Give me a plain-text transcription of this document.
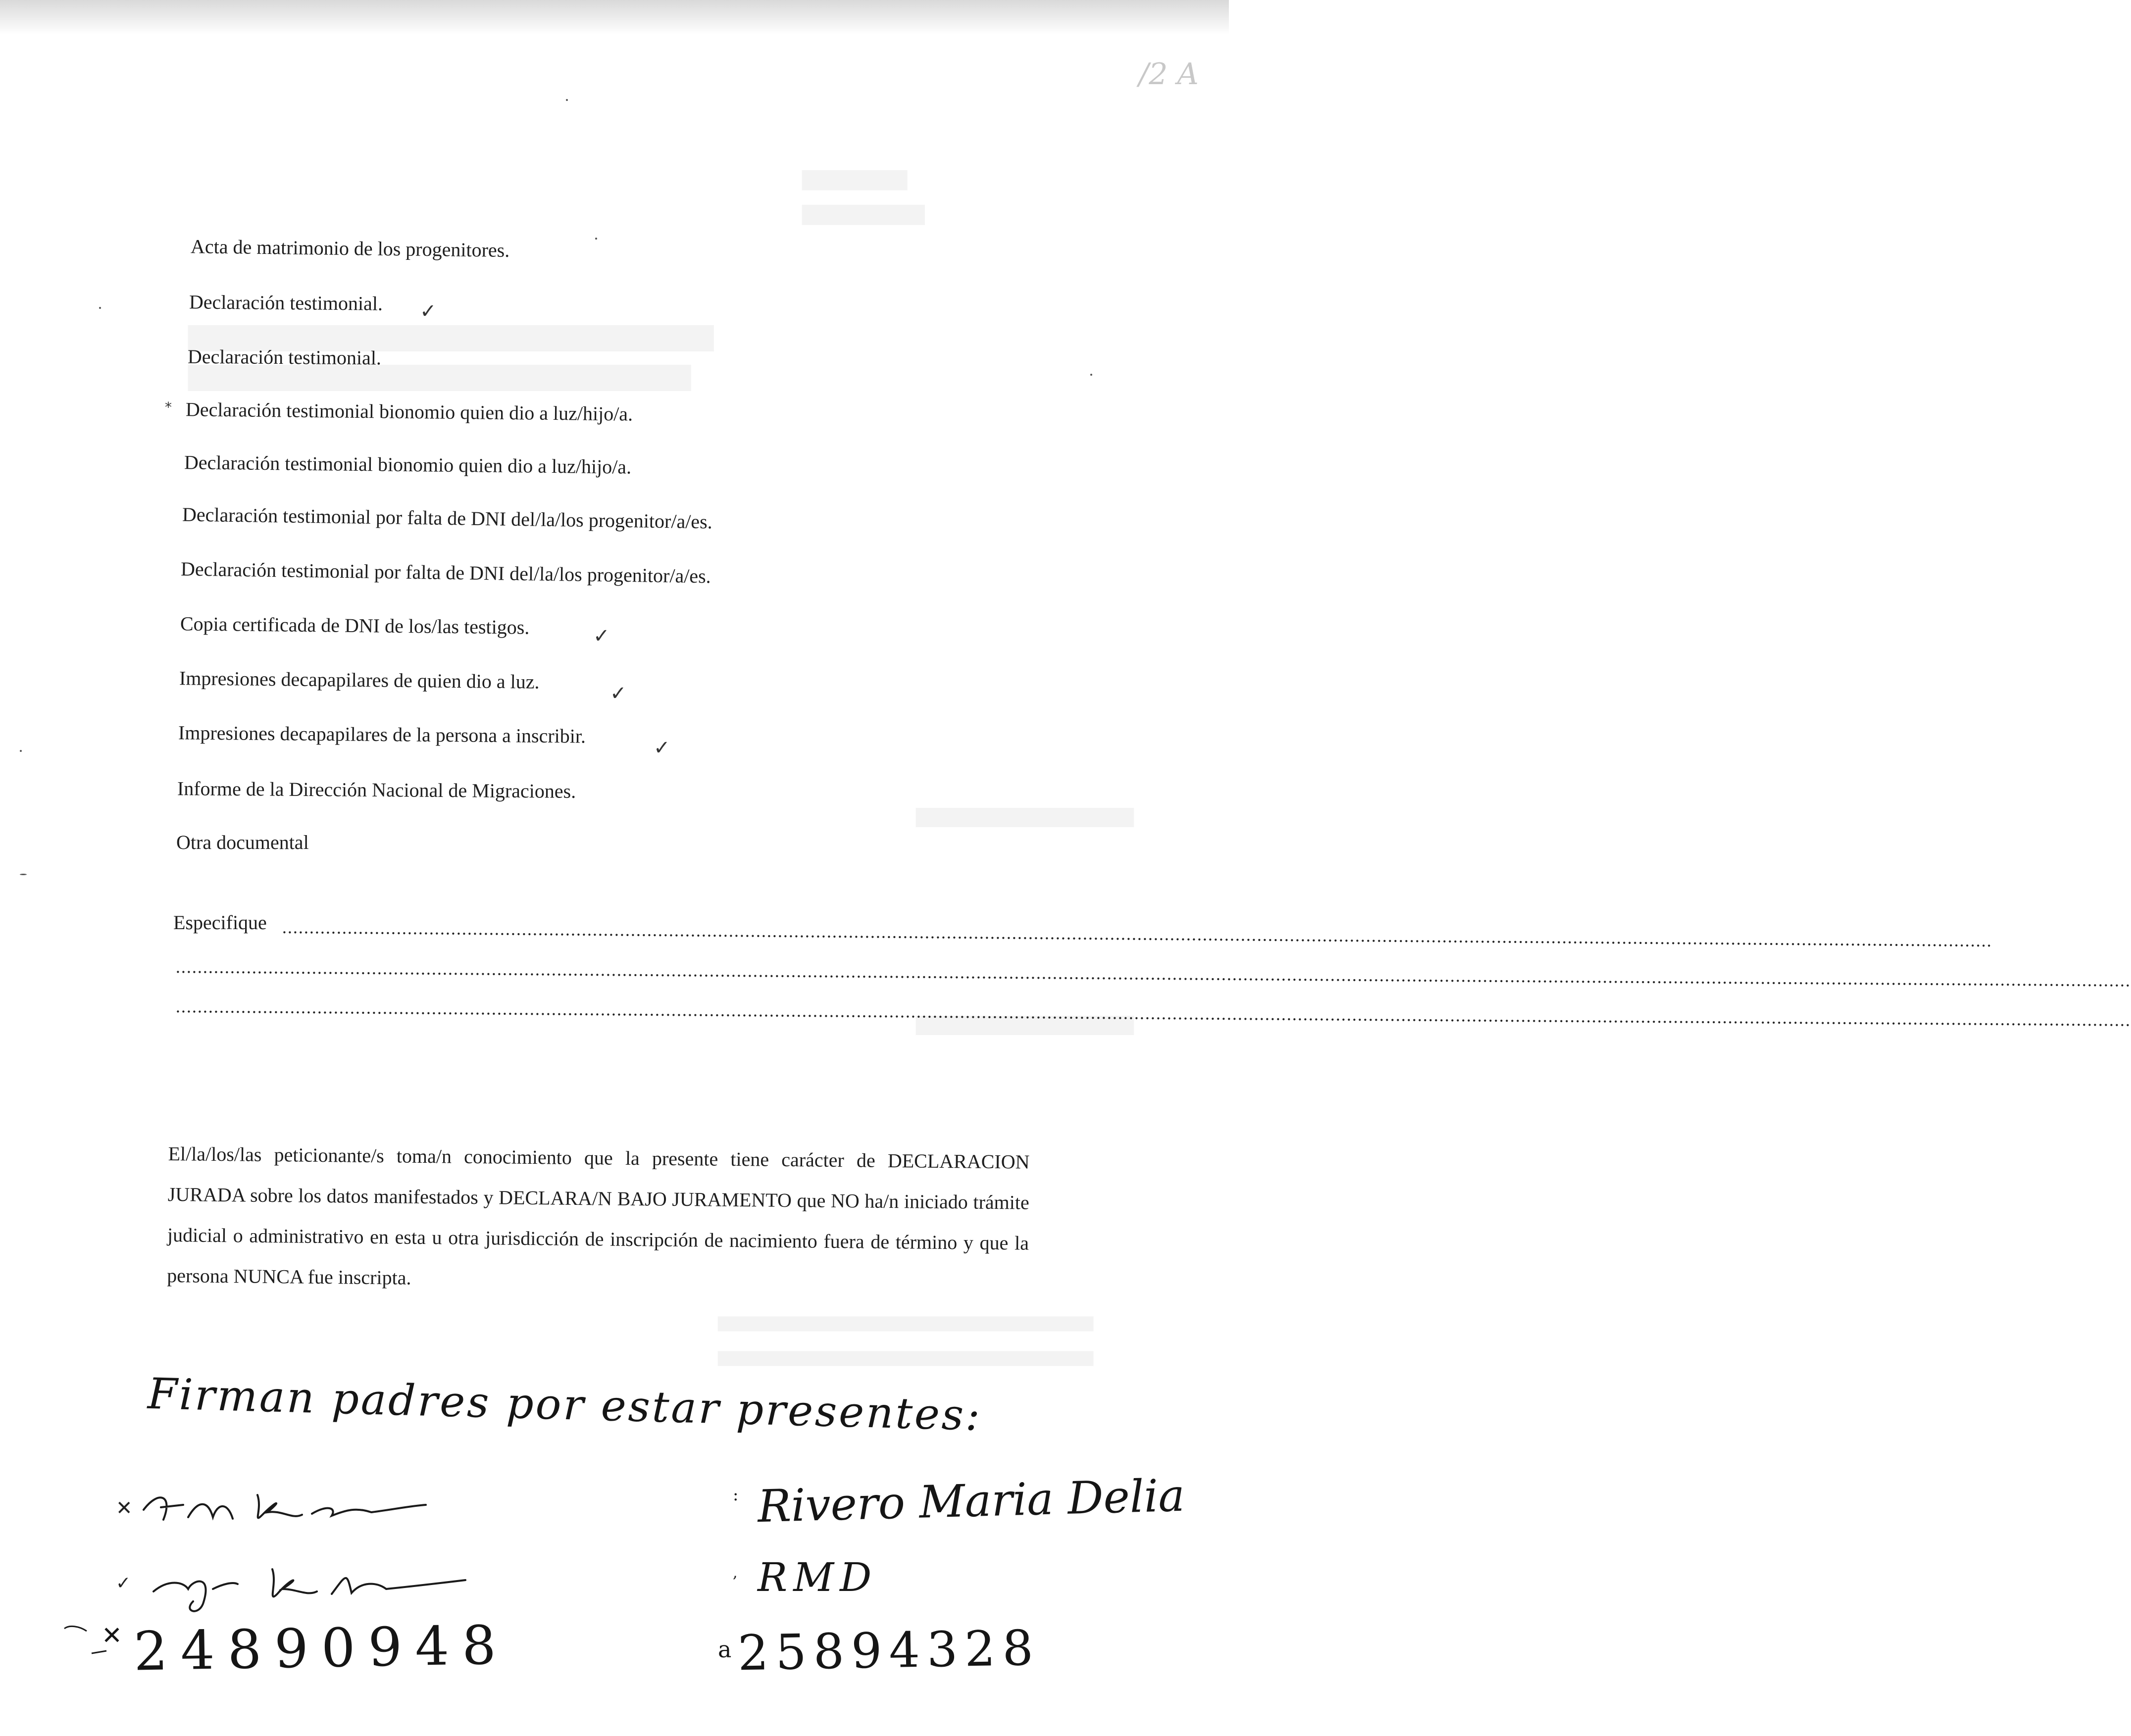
/2 A
Acta de matrimonio de los progenitores.
Declaración testimonial. ✓
Declaración testimonial.
* Declaración testimonial bionomio quien dio a luz/hijo/a.
Declaración testimonial bionomio quien dio a luz/hijo/a.
Declaración testimonial por falta de DNI del/la/los progenitor/a/es.
Declaración testimonial por falta de DNI del/la/los progenitor/a/es.
Copia certificada de DNI de los/las testigos.	✓
Impresiones decapapilares de quien dio a luz.
✓
Impresiones decapapilares de la persona a inscribir.
✓
Informe de la Dirección Nacional de Migraciones.
Otra documental
Especifique ..........................................................................................................................................................................................................................................................................................................................
.......................................................................................................................................................................................................................................................................................................................................................................
.......................................................................................................................................................................................................................................................................................................................................................................
El/la/los/las peticionante/s toma/n conocimiento que la presente tiene carácter de DECLARACION JURADA sobre los datos manifestados y DECLARA/N BAJO JURAMENTO que NO ha/n iniciado trámite judicial o administrativo en esta u otra jurisdicción de inscripción de nacimiento fuera de término y que la persona NUNCA fue inscripta.
Firman padres por estar presentes:
✕
✓
✕ 24890948
: Rivero Maria Delia
, RMD
a 25894328
